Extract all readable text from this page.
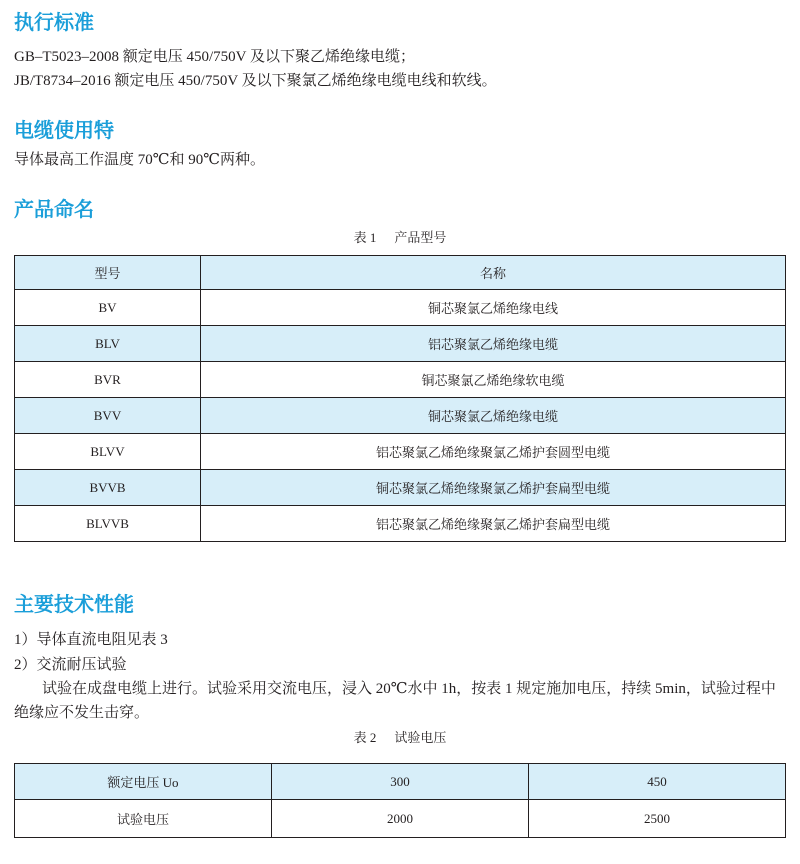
执行标准

GB–T5023–2008 额定电压 450/750V 及以下聚乙烯绝缘电缆；

JB/T8734–2016 额定电压 450/750V 及以下聚氯乙烯绝缘电缆电线和软线。

电缆使用特

导体最高工作温度 70℃和 90℃两种。

产品命名

表 1 产品型号

型号	名称
BV	铜芯聚氯乙烯绝缘电线
BLV	铝芯聚氯乙烯绝缘电缆
BVR	铜芯聚氯乙烯绝缘软电缆
BVV	铜芯聚氯乙烯绝缘电缆
BLVV	铝芯聚氯乙烯绝缘聚氯乙烯护套圆型电缆
BVVB	铜芯聚氯乙烯绝缘聚氯乙烯护套扁型电缆
BLVVB	铝芯聚氯乙烯绝缘聚氯乙烯护套扁型电缆
主要技术性能

1）导体直流电阻见表 3

2）交流耐压试验

试验在成盘电缆上进行。试验采用交流电压，浸入 20℃水中 1h，按表 1 规定施加电压，持续 5min，试验过程中绝缘应不发生击穿。

表 2 试验电压

额定电压 Uo	300	450
试验电压	2000	2500
